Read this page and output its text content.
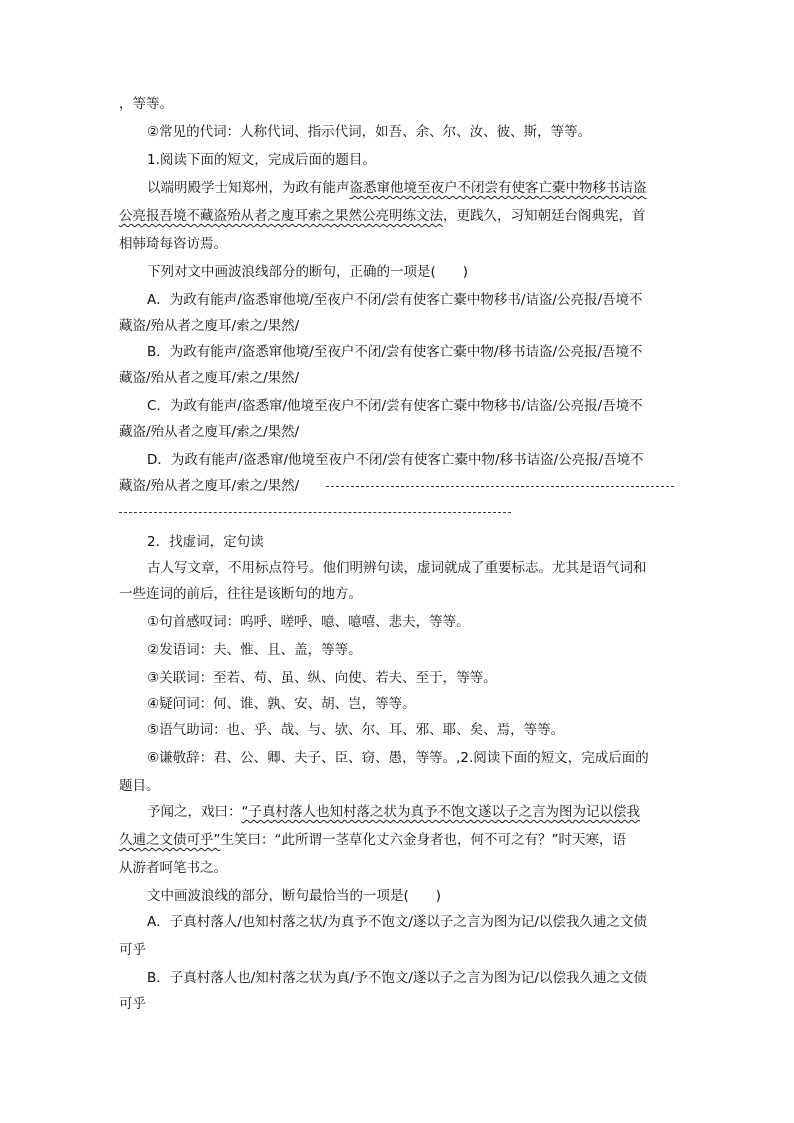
，等等。
②常见的代词：人称代词、指示代词，如吾、余、尔、汝、彼、斯，等等。
1.阅读下面的短文，完成后面的题目。
以端明殿学士知郑州，为政有能声盗悉窜他境至夜户不闭尝有使客亡橐中物移书诘盗
公亮报吾境不藏盗殆从者之廋耳索之果然公亮明练文法，更践久，习知朝廷台阁典宪，首
相韩琦每咨访焉。
下列对文中画波浪线部分的断句，正确的一项是(　　)
A．为政有能声/盗悉窜他境/至夜户不闭/尝有使客亡橐中物移书/诘盗/公亮报/吾境不
藏盗/殆从者之廋耳/索之/果然/
B．为政有能声/盗悉窜他境/至夜户不闭/尝有使客亡橐中物/移书诘盗/公亮报/吾境不
藏盗/殆从者之廋耳/索之/果然/
C．为政有能声/盗悉窜/他境至夜户不闭/尝有使客亡橐中物移书/诘盗/公亮报/吾境不
藏盗/殆从者之廋耳/索之/果然/
D．为政有能声/盗悉窜/他境至夜户不闭/尝有使客亡橐中物/移书诘盗/公亮报/吾境不
藏盗/殆从者之廋耳/索之/果然/
2．找虚词，定句读
古人写文章，不用标点符号。他们明辨句读，虚词就成了重要标志。尤其是语气词和
一些连词的前后，往往是该断句的地方。
①句首感叹词：呜呼、嗟呼、噫、噫嘻、悲夫，等等。
②发语词：夫、惟、且、盖，等等。
③关联词：至若、苟、虽、纵、向使、若夫、至于，等等。
④疑问词：何、谁、孰、安、胡、岂，等等。
⑤语气助词：也、乎、哉、与、欤、尔、耳、邪、耶、矣、焉，等等。
⑥谦敬辞：君、公、卿、夫子、臣、窃、愚，等等。,2.阅读下面的短文，完成后面的
题目。
予闻之，戏曰：“子真村落人也知村落之状为真予不饱文遂以子之言为图为记以偿我
久逋之文债可乎”生笑曰：“此所谓一茎草化丈六金身者也，何不可之有？”时天寒，语
从游者呵笔书之。
文中画波浪线的部分，断句最恰当的一项是(　　)
A．子真村落人/也知村落之状/为真予不饱文/遂以子之言为图为记/以偿我久逋之文债
可乎
B．子真村落人也/知村落之状为真/予不饱文/遂以子之言为图为记/以偿我久逋之文债
可乎
